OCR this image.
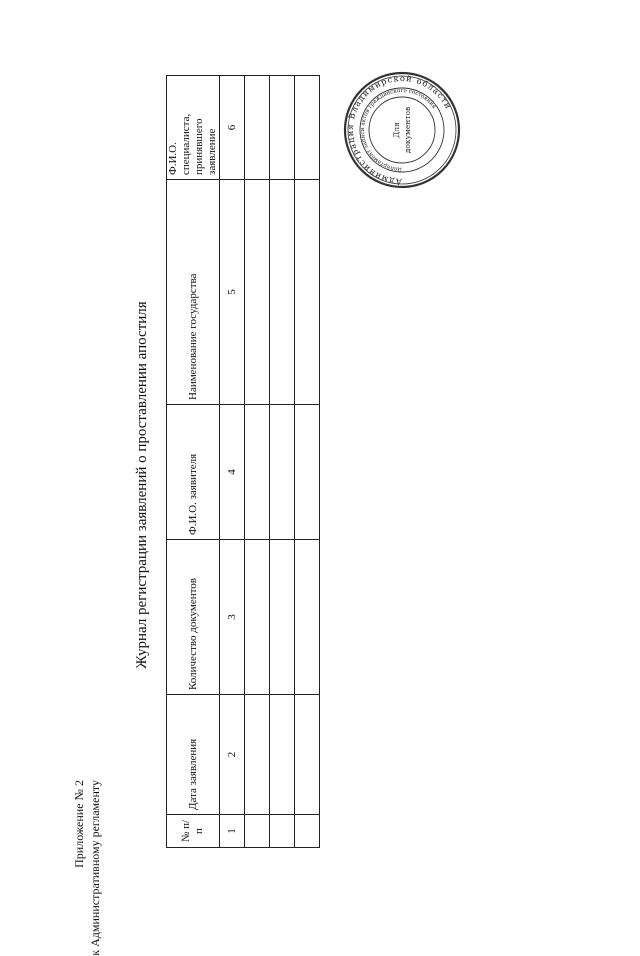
Приложение № 2 к Административному регламенту
Журнал регистрации заявлений о проставлении апостиля
№ п/п	Дата заявления	Количество документов	Ф.И.О. заявителя	Наименование государства	Ф.И.О. специалиста, принявшего заявление
1	2	3	4	5	6

Администрация Владимирской области
Департамент записи актов гражданского состояния
Для документов
